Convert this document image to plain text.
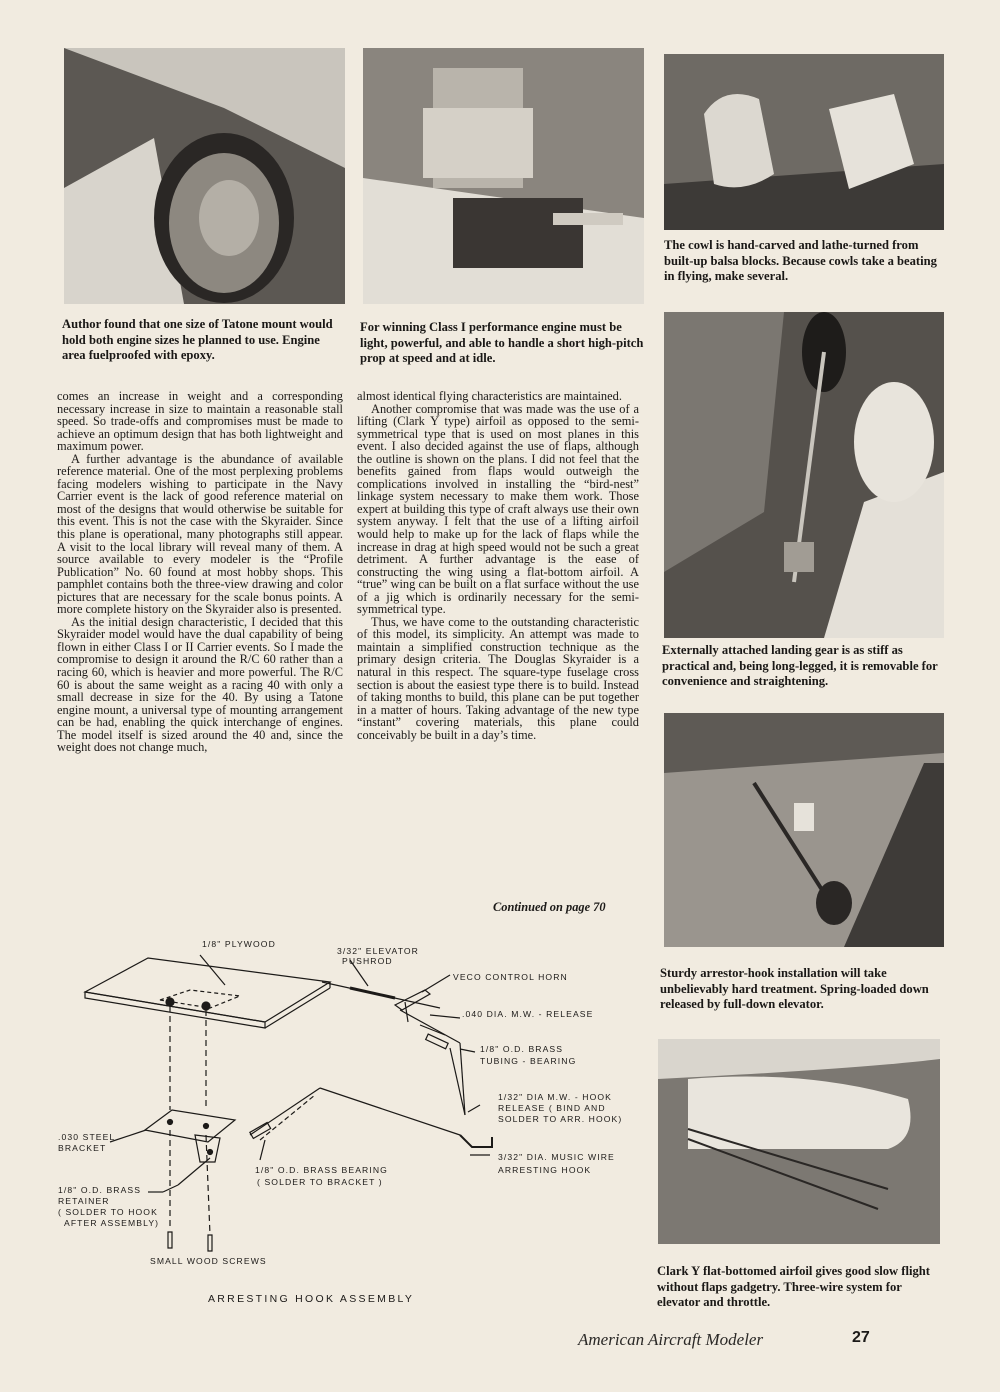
Author found that one size of Tatone mount would hold both engine sizes he planned to use. Engine area fuelproofed with epoxy.

For winning Class I performance engine must be light, powerful, and able to handle a short high-pitch prop at speed and at idle.

The cowl is hand-carved and lathe-turned from built-up balsa blocks. Because cowls take a beating in flying, make several.

Externally attached landing gear is as stiff as practical and, being long-legged, it is removable for convenience and straightening.

Sturdy arrestor-hook installation will take unbelievably hard treatment. Spring-loaded down released by full-down elevator.

Clark Y flat-bottomed airfoil gives good slow flight without flaps gadgetry. Three-wire system for elevator and throttle.

comes an increase in weight and a corresponding necessary increase in size to maintain a reasonable stall speed. So trade-offs and compromises must be made to achieve an optimum design that has both lightweight and maximum power.

A further advantage is the abundance of available reference material. One of the most perplexing problems facing modelers wishing to participate in the Navy Carrier event is the lack of good reference material on most of the designs that would otherwise be suitable for this event. This is not the case with the Skyraider. Since this plane is operational, many photographs still appear. A visit to the local library will reveal many of them. A source available to every modeler is the “Profile Publication” No. 60 found at most hobby shops. This pamphlet contains both the three-view drawing and color pictures that are necessary for the scale bonus points. A more complete history on the Skyraider also is presented.

As the initial design characteristic, I decided that this Skyraider model would have the dual capability of being flown in either Class I or II Carrier events. So I made the compromise to design it around the R/C 60 rather than a racing 60, which is heavier and more powerful. The R/C 60 is about the same weight as a racing 40 with only a small decrease in size for the 40. By using a Tatone engine mount, a universal type of mounting arrangement can be had, enabling the quick interchange of engines. The model itself is sized around the 40 and, since the weight does not change much,

almost identical flying characteristics are maintained.

Another compromise that was made was the use of a lifting (Clark Y type) airfoil as opposed to the semi-symmetrical type that is used on most planes in this event. I also decided against the use of flaps, although the outline is shown on the plans. I did not feel that the benefits gained from flaps would outweigh the complications involved in installing the “bird-nest” linkage system necessary to make them work. Those expert at building this type of craft always use their own system anyway. I felt that the use of a lifting airfoil would help to make up for the lack of flaps while the increase in drag at high speed would not be such a great detriment. A further advantage is the ease of constructing the wing using a flat-bottom airfoil. A “true” wing can be built on a flat surface without the use of a jig which is ordinarily necessary for the semi-symmetrical type.

Thus, we have come to the outstanding characteristic of this model, its simplicity. An attempt was made to maintain a simplified construction technique as the primary design criteria. The Douglas Skyraider is a natural in this respect. The square-type fuselage cross section is about the easiest type there is to build. Instead of taking months to build, this plane can be put together in a matter of hours. Taking advantage of the new type “instant” covering materials, this plane could conceivably be built in a day’s time.

Continued on page 70
1/8" PLYWOOD
3/32" ELEVATOR
PUSHROD
VECO CONTROL HORN
.040 DIA. M.W. - RELEASE
1/8" O.D. BRASS
TUBING - BEARING
1/32" DIA M.W. - HOOK
RELEASE ( BIND AND
SOLDER TO ARR. HOOK)
.030 STEEL
BRACKET
1/8" O.D. BRASS BEARING
( SOLDER TO BRACKET )
1/8" O.D. BRASS
RETAINER
( SOLDER TO HOOK
AFTER ASSEMBLY)
SMALL WOOD SCREWS
3/32" DIA. MUSIC WIRE
ARRESTING HOOK
ARRESTING HOOK ASSEMBLY
American Aircraft Modeler	27
